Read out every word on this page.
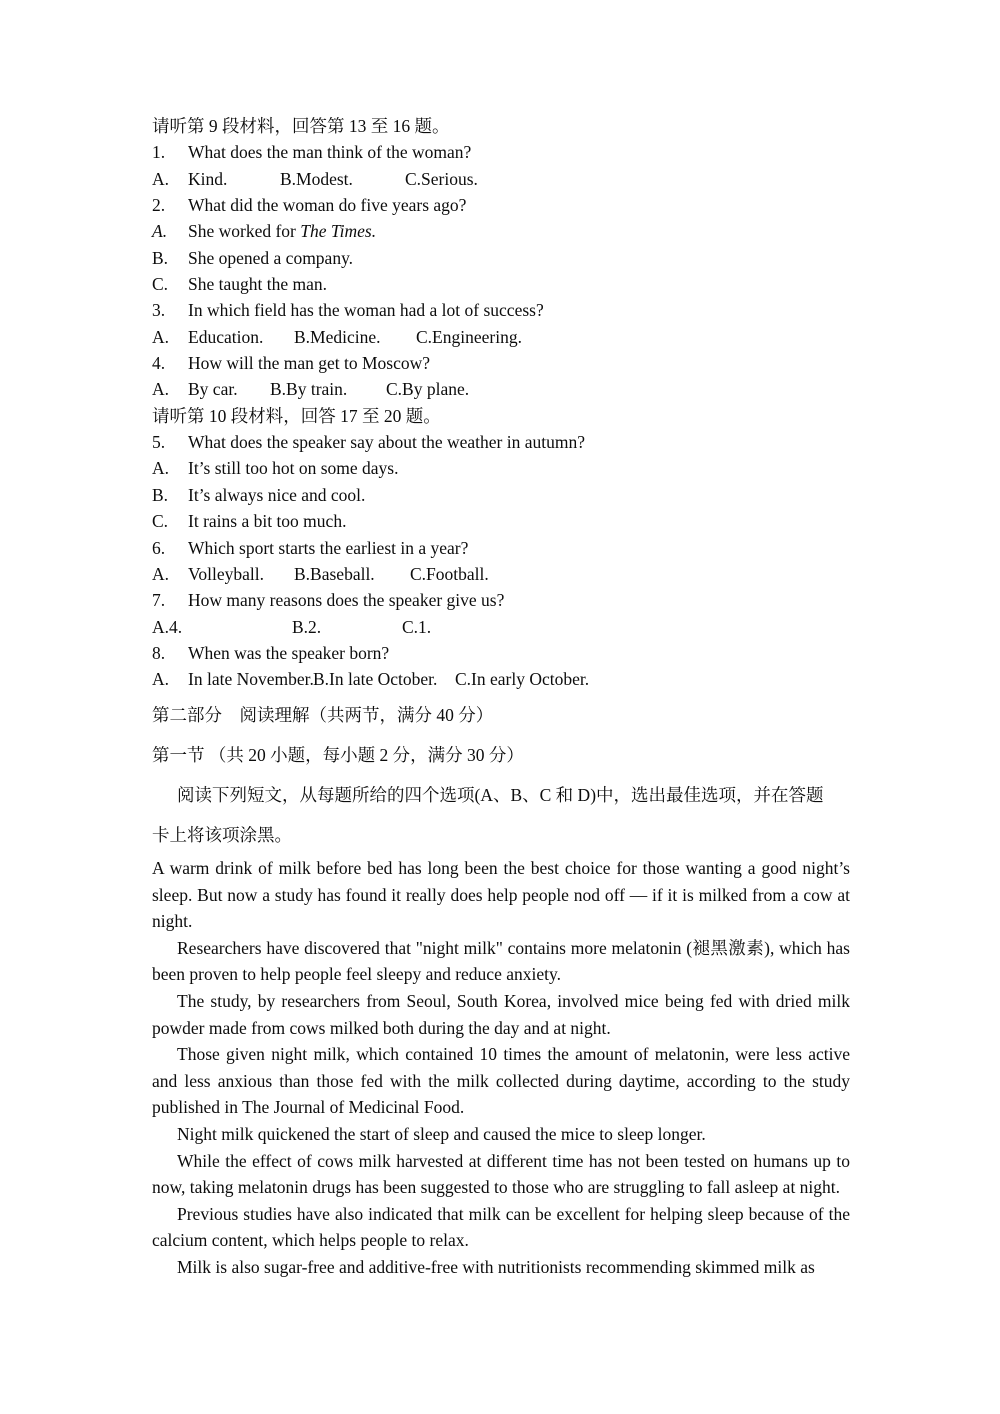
请听第 9 段材料，回答第 13 至 16 题。
1. What does the man think of the woman?
A. Kind.	B.Modest.	C.Serious.
2. What did the woman do five years ago?
A. She worked for The Times.
B. She opened a company.
C. She taught the man.
3. In which field has the woman had a lot of success?
A. Education. B.Medicine. C.Engineering.
4. How will the man get to Moscow?
A. By car. B.By train. C.By plane.
请听第 10 段材料，回答 17 至 20 题。
5. What does the speaker say about the weather in autumn?
A. It’s still too hot on some days.
B. It’s always nice and cool.
C. It rains a bit too much.
6. Which sport starts the earliest in a year?
A. Volleyball. B.Baseball. C.Football.
7. How many reasons does the speaker give us?
A.4.	B.2.	C.1.
8. When was the speaker born?
A. In late November. B.In late October. C.In early October.
第二部分　阅读理解（共两节，满分 40 分）
第一节 （共 20 小题，每小题 2 分，满分 30 分）
阅读下列短文，从每题所给的四个选项(A、B、C 和 D)中，选出最佳选项，并在答题
卡上将该项涂黑。
A warm drink of milk before bed has long been the best choice for those wanting a good night’s sleep. But now a study has found it really does help people nod off — if it is milked from a cow at night.
Researchers have discovered that "night milk" contains more melatonin (褪黑激素), which has been proven to help people feel sleepy and reduce anxiety.
The study, by researchers from Seoul, South Korea, involved mice being fed with dried milk powder made from cows milked both during the day and at night.
Those given night milk, which contained 10 times the amount of melatonin, were less active and less anxious than those fed with the milk collected during daytime, according to the study published in The Journal of Medicinal Food.
Night milk quickened the start of sleep and caused the mice to sleep longer.
While the effect of cows milk harvested at different time has not been tested on humans up to now, taking melatonin drugs has been suggested to those who are struggling to fall asleep at night.
Previous studies have also indicated that milk can be excellent for helping sleep because of the calcium content, which helps people to relax.
Milk is also sugar-free and additive-free with nutritionists recommending skimmed milk as
